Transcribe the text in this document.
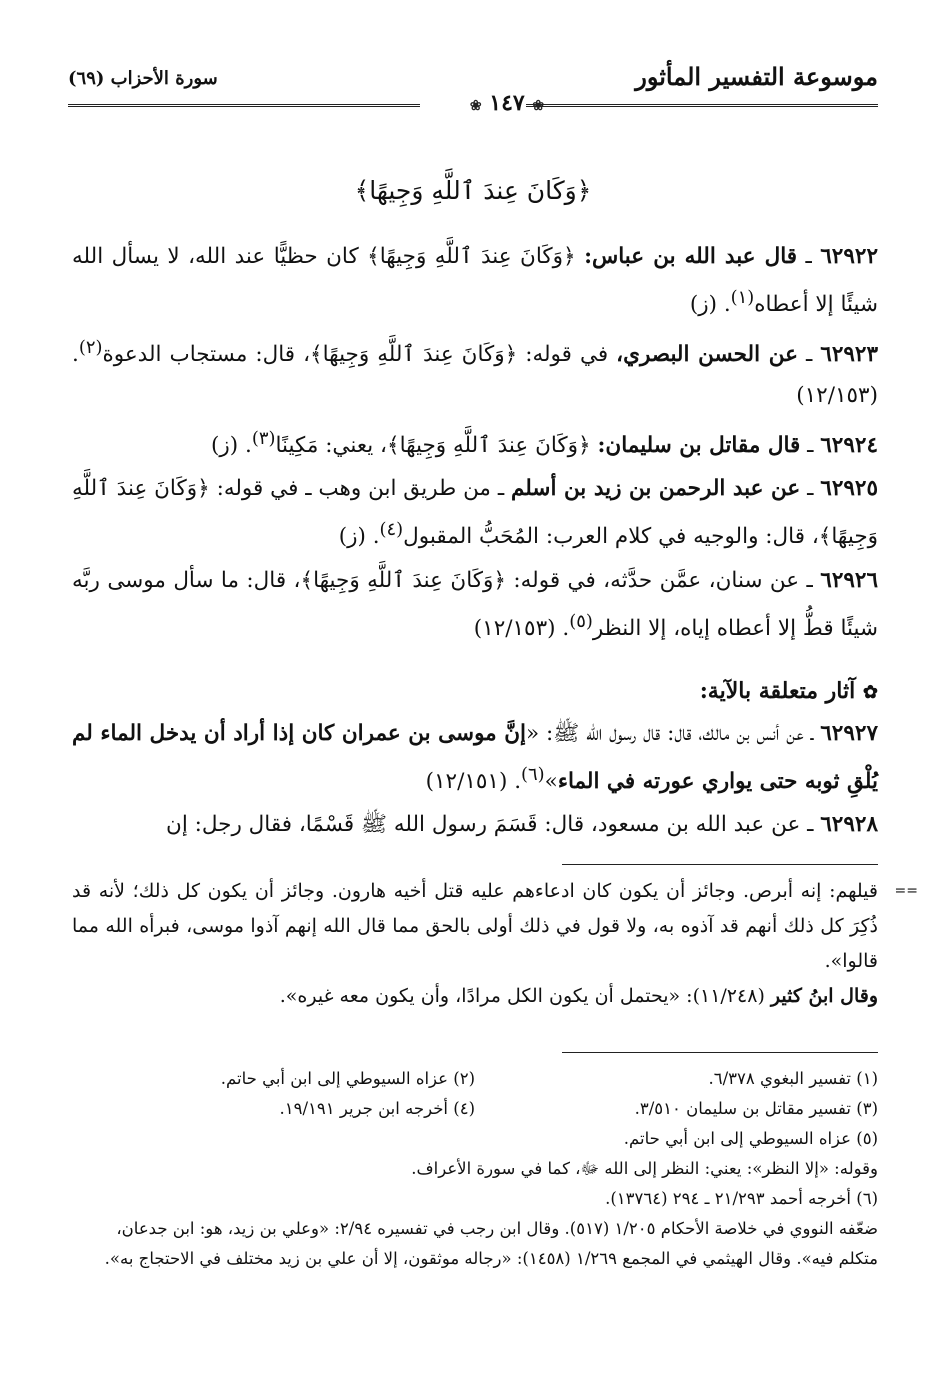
موسوعة التفسير المأثور
سورة الأحزاب (٦٩)
❀ ١٤٧ ❀
﴿وَكَانَ عِندَ ٱللَّهِ وَجِيهًا﴾

٦٢٩٢٢ ـ قال عبد الله بن عباس: ﴿وَكَانَ عِندَ ٱللَّهِ وَجِيهًا﴾ كان حظيًّا عند الله، لا يسأل الله شيئًا إلا أعطاه$^{(١)}$. (ز)

٦٢٩٢٣ ـ عن الحسن البصري، في قوله: ﴿وَكَانَ عِندَ ٱللَّهِ وَجِيهًا﴾، قال: مستجاب الدعوة$^{(٢)}$. (١٢/١٥٣)

٦٢٩٢٤ ـ قال مقاتل بن سليمان: ﴿وَكَانَ عِندَ ٱللَّهِ وَجِيهًا﴾، يعني: مَكِينًا$^{(٣)}$. (ز)

٦٢٩٢٥ ـ عن عبد الرحمن بن زيد بن أسلم ـ من طريق ابن وهب ـ في قوله: ﴿وَكَانَ عِندَ ٱللَّهِ وَجِيهًا﴾، قال: والوجيه في كلام العرب: المُحَبُّ المقبول$^{(٤)}$. (ز)

٦٢٩٢٦ ـ عن سنان، عمَّن حدَّثه، في قوله: ﴿وَكَانَ عِندَ ٱللَّهِ وَجِيهًا﴾، قال: ما سأل موسى ربَّه شيئًا قطُّ إلا أعطاه إياه، إلا النظر$^{(٥)}$. (١٢/١٥٣)

✿ آثار متعلقة بالآية:

٦٢٩٢٧ ـ عن أنس بن مالك، قال: قال رسول الله ﷺ: «إنَّ موسى بن عمران كان إذا أراد أن يدخل الماء لم يُلْقِ ثوبه حتى يواري عورته في الماء»$^{(٦)}$. (١٢/١٥١)

٦٢٩٢٨ ـ عن عبد الله بن مسعود، قال: قَسَمَ رسول الله ﷺ قَسْمًا، فقال رجل: إن

==

قيلهم: إنه أبرص. وجائز أن يكون كان ادعاءهم عليه قتل أخيه هارون. وجائز أن يكون كل ذلك؛ لأنه قد ذُكِرَ كل ذلك أنهم قد آذوه به، ولا قول في ذلك أولى بالحق مما قال الله إنهم آذوا موسى، فبرأه الله مما قالوا».

وقال ابنُ كثير (١١/٢٤٨): «يحتمل أن يكون الكل مرادًا، وأن يكون معه غيره».

(١) تفسير البغوي ٦/٣٧٨.
(٢) عزاه السيوطي إلى ابن أبي حاتم.

(٣) تفسير مقاتل بن سليمان ٣/٥١٠.
(٤) أخرجه ابن جرير ١٩/١٩١.

(٥) عزاه السيوطي إلى ابن أبي حاتم.

وقوله: «إلا النظر»: يعني: النظر إلى الله ﷻ، كما في سورة الأعراف.

(٦) أخرجه أحمد ٢١/٢٩٣ ـ ٢٩٤ (١٣٧٦٤).

ضعّفه النووي في خلاصة الأحكام ١/٢٠٥ (٥١٧). وقال ابن رجب في تفسيره ٢/٩٤: «وعلي بن زيد، هو: ابن جدعان، متكلم فيه». وقال الهيثمي في المجمع ١/٢٦٩ (١٤٥٨): «رجاله موثقون، إلا أن علي بن زيد مختلف في الاحتجاج به».
